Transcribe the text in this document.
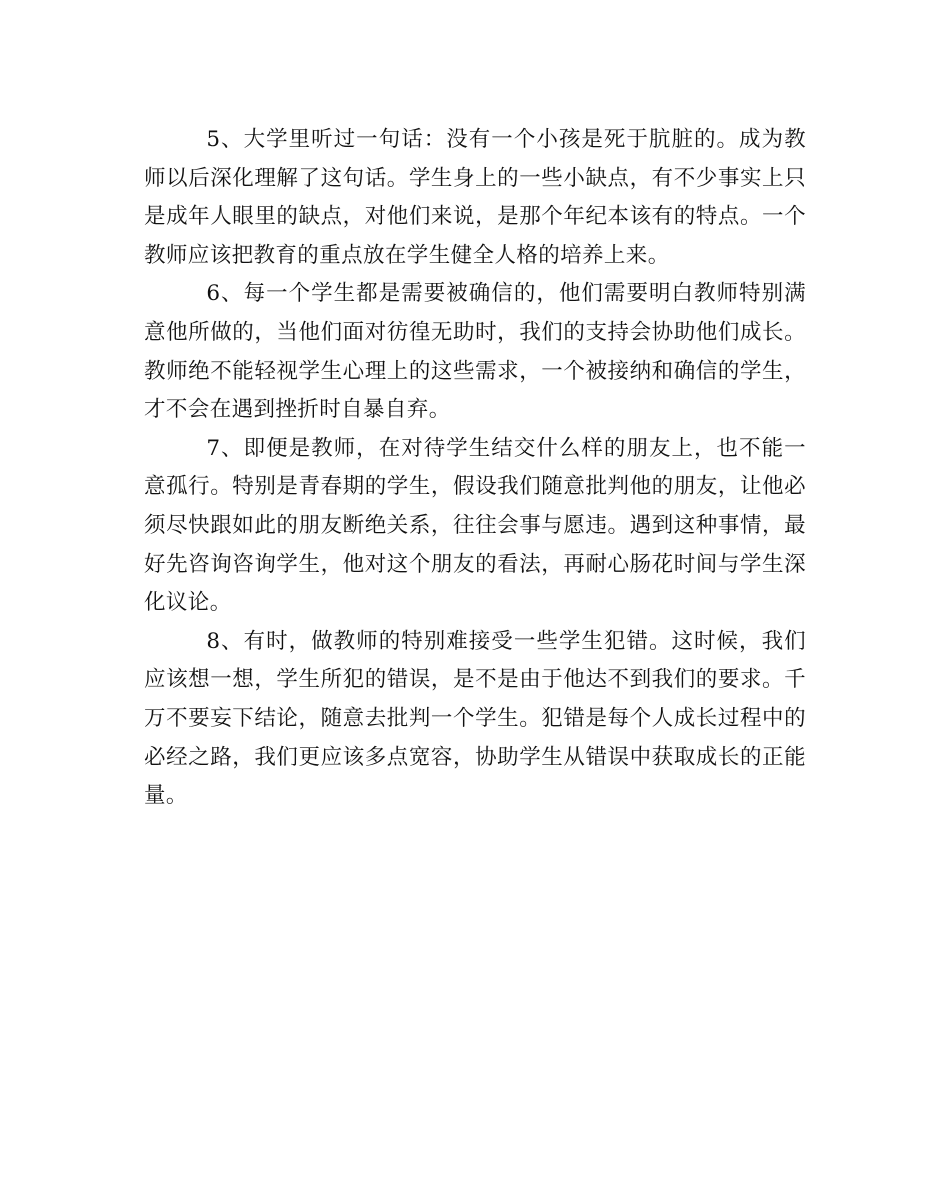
5、大学里听过一句话：没有一个小孩是死于肮脏的。成为教师以后深化理解了这句话。学生身上的一些小缺点，有不少事实上只是成年人眼里的缺点，对他们来说，是那个年纪本该有的特点。一个教师应该把教育的重点放在学生健全人格的培养上来。

6、每一个学生都是需要被确信的，他们需要明白教师特别满意他所做的，当他们面对彷徨无助时，我们的支持会协助他们成长。教师绝不能轻视学生心理上的这些需求，一个被接纳和确信的学生，才不会在遇到挫折时自暴自弃。

7、即便是教师，在对待学生结交什么样的朋友上，也不能一意孤行。特别是青春期的学生，假设我们随意批判他的朋友，让他必须尽快跟如此的朋友断绝关系，往往会事与愿违。遇到这种事情，最好先咨询咨询学生，他对这个朋友的看法，再耐心肠花时间与学生深化议论。

8、有时，做教师的特别难接受一些学生犯错。这时候，我们应该想一想，学生所犯的错误，是不是由于他达不到我们的要求。千万不要妄下结论，随意去批判一个学生。犯错是每个人成长过程中的必经之路，我们更应该多点宽容，协助学生从错误中获取成长的正能量。
